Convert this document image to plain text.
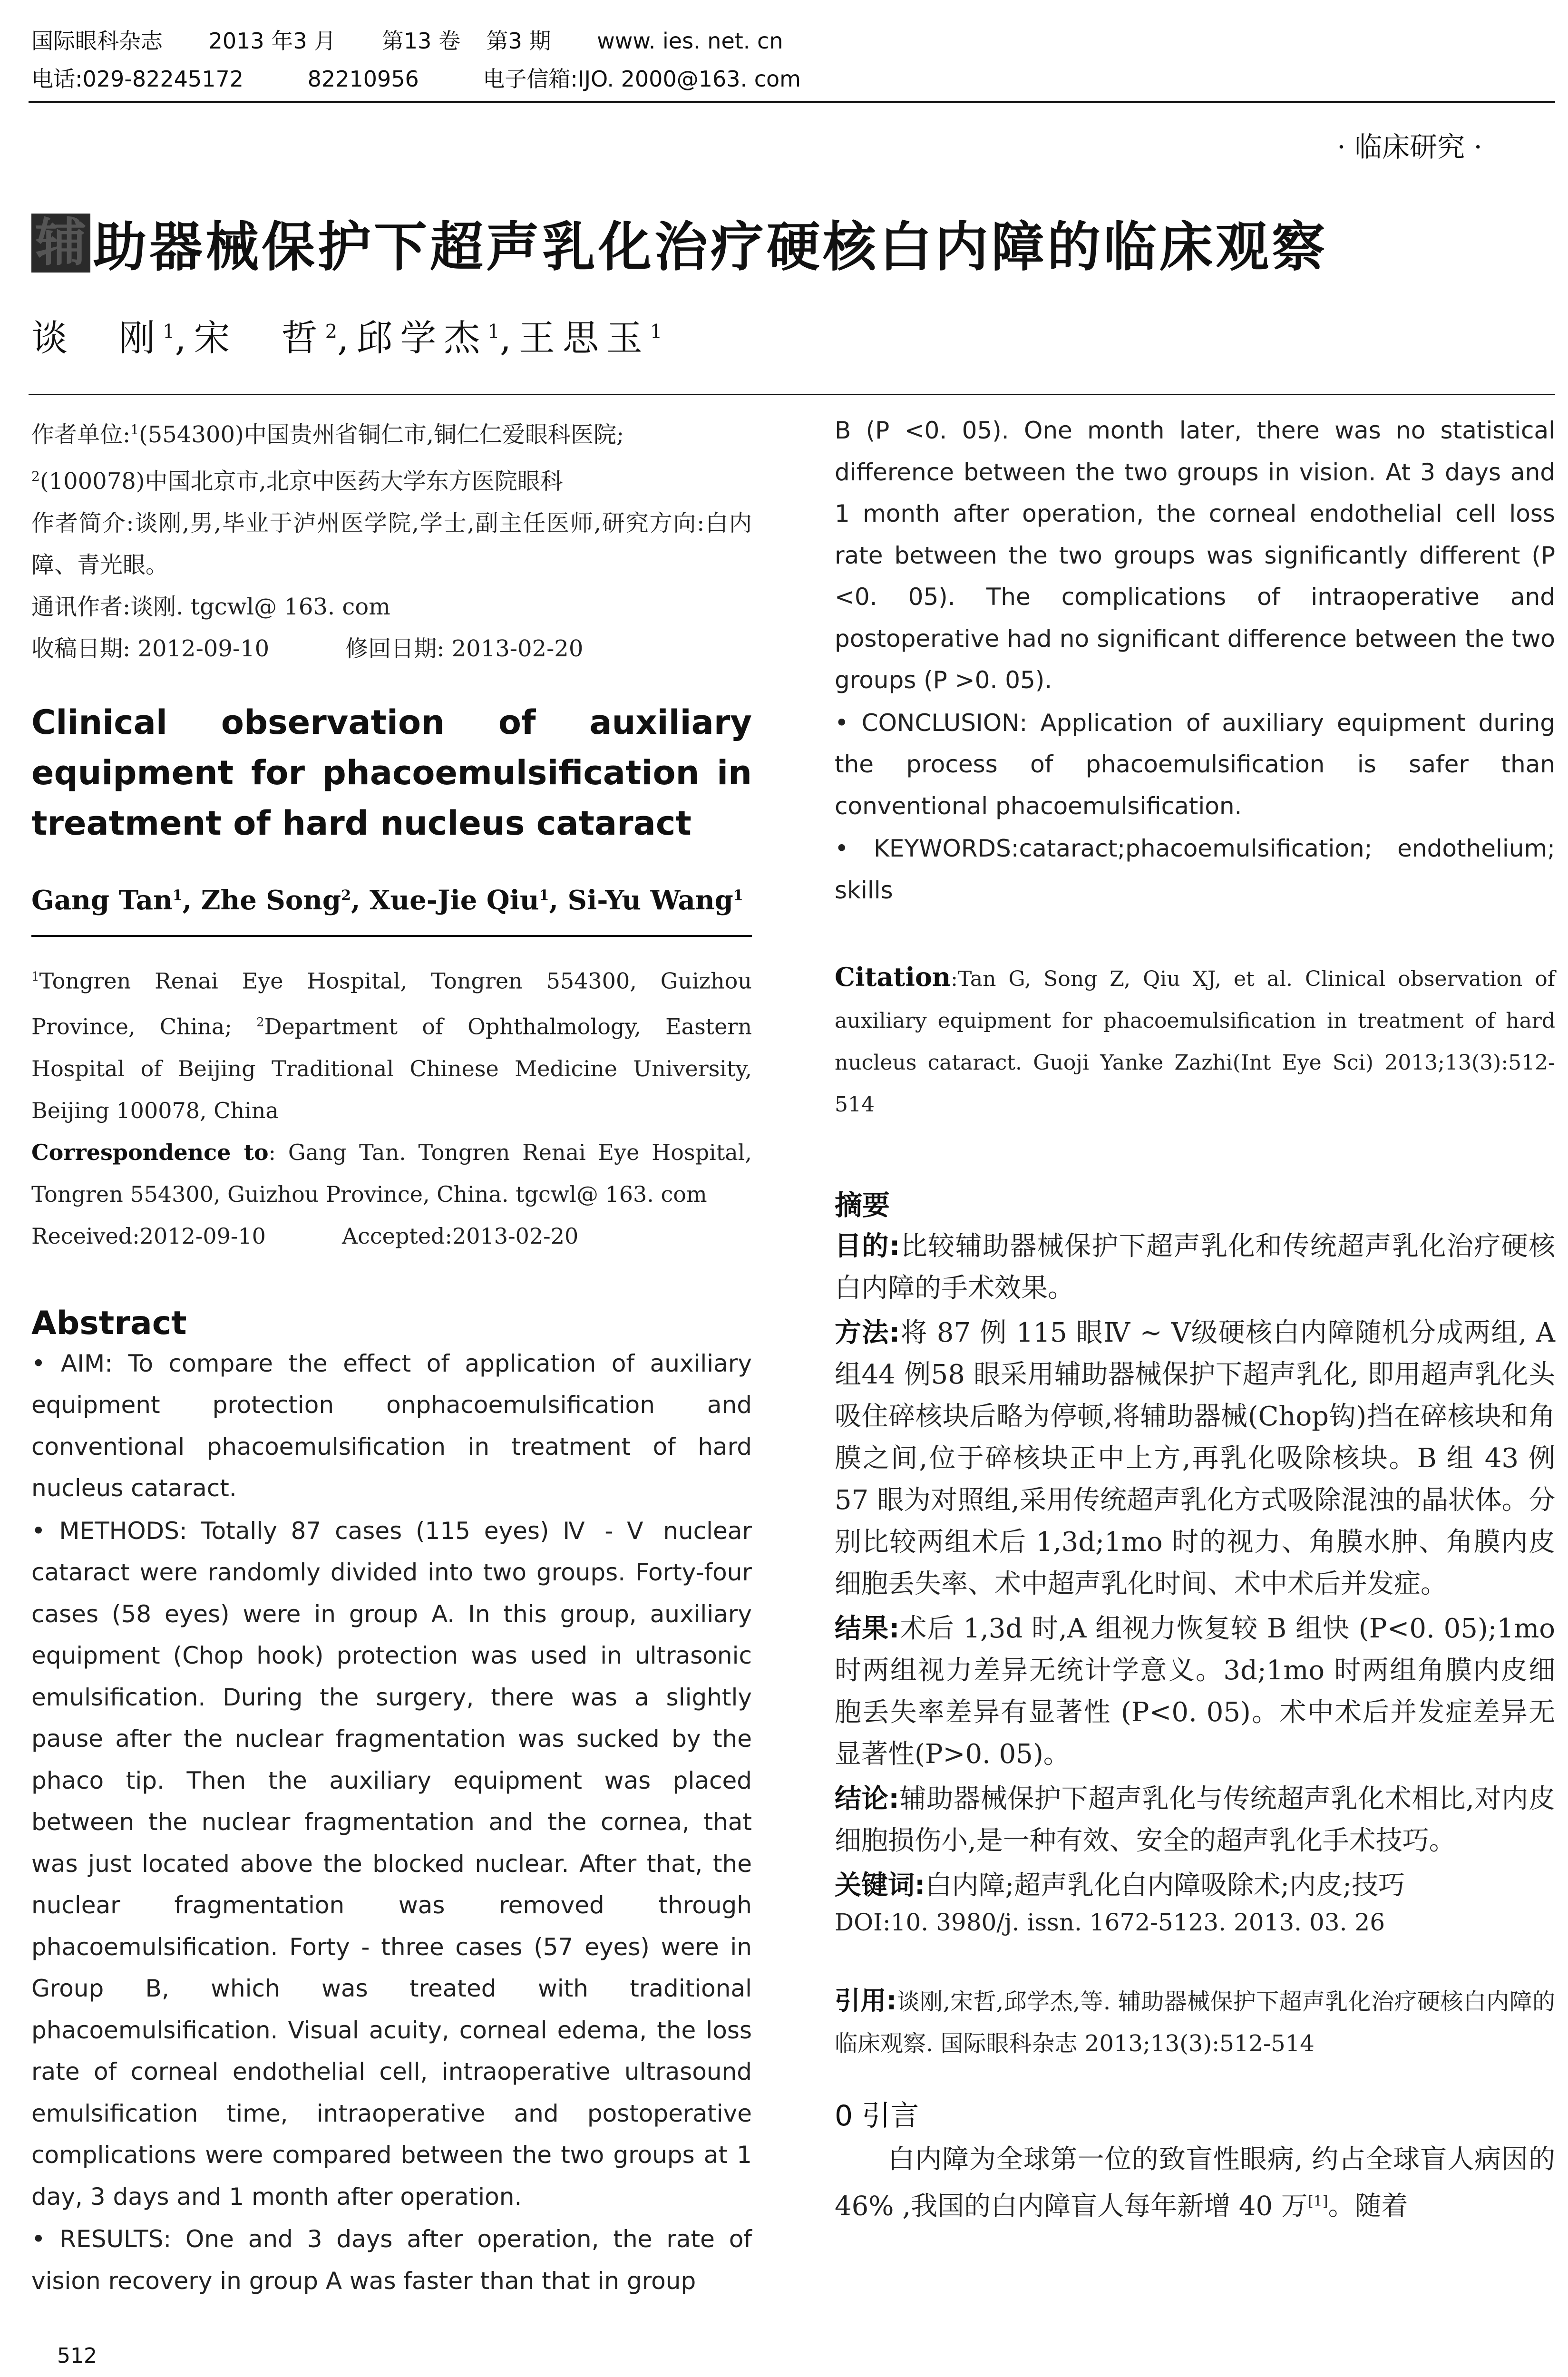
国际眼科杂志 2013 年3 月 第13 卷 第3 期 www. ies. net. cn
电话:029-82245172	82210956	电子信箱:IJO. 2000@163. com
· 临床研究 ·
辅 助器械保护下超声乳化治疗硬核白内障的临床观察
谈　刚$^1$,宋　哲$^2$,邱学杰$^1$,王思玉$^1$
作者单位:$^1$(554300)中国贵州省铜仁市,铜仁仁爱眼科医院;
$^2$(100078)中国北京市,北京中医药大学东方医院眼科
作者简介:谈刚,男,毕业于泸州医学院,学士,副主任医师,研究方向:白内障、青光眼。
通讯作者:谈刚. tgcwl@ 163. com
收稿日期: 2012-09-10	修回日期: 2013-02-20
Clinical observation of auxiliary
equipment for phacoemulsification in
treatment of hard nucleus cataract
Gang Tan$^1$, Zhe Song$^2$, Xue-Jie Qiu$^1$, Si-Yu Wang$^1$
$^1$Tongren Renai Eye Hospital, Tongren 554300, Guizhou Province, China; $^2$Department of Ophthalmology, Eastern Hospital of Beijing Traditional Chinese Medicine University, Beijing 100078, China
Correspondence to: Gang Tan. Tongren Renai Eye Hospital, Tongren 554300, Guizhou Province, China. tgcwl@ 163. com
Received:2012-09-10	Accepted:2013-02-20
Abstract
• AIM: To compare the effect of application of auxiliary equipment protection onphacoemulsification and conventional phacoemulsification in treatment of hard nucleus cataract.
• METHODS: Totally 87 cases (115 eyes) Ⅳ - Ⅴ nuclear cataract were randomly divided into two groups. Forty-four cases (58 eyes) were in group A. In this group, auxiliary equipment (Chop hook) protection was used in ultrasonic emulsification. During the surgery, there was a slightly pause after the nuclear fragmentation was sucked by the phaco tip. Then the auxiliary equipment was placed between the nuclear fragmentation and the cornea, that was just located above the blocked nuclear. After that, the nuclear fragmentation was removed through phacoemulsification. Forty - three cases (57 eyes) were in Group B, which was treated with traditional phacoemulsification. Visual acuity, corneal edema, the loss rate of corneal endothelial cell, intraoperative ultrasound emulsification time, intraoperative and postoperative complications were compared between the two groups at 1 day, 3 days and 1 month after operation.
• RESULTS: One and 3 days after operation, the rate of vision recovery in group A was faster than that in group
B (P <0. 05). One month later, there was no statistical difference between the two groups in vision. At 3 days and 1 month after operation, the corneal endothelial cell loss rate between the two groups was significantly different (P <0. 05). The complications of intraoperative and postoperative had no significant difference between the two groups (P >0. 05).
• CONCLUSION: Application of auxiliary equipment during the process of phacoemulsification is safer than conventional phacoemulsification.
• KEYWORDS:cataract;phacoemulsification; endothelium; skills
Citation:Tan G, Song Z, Qiu XJ, et al. Clinical observation of auxiliary equipment for phacoemulsification in treatment of hard nucleus cataract. Guoji Yanke Zazhi(Int Eye Sci) 2013;13(3):512-514
摘要
目的:比较辅助器械保护下超声乳化和传统超声乳化治疗硬核白内障的手术效果。
方法:将 87 例 115 眼Ⅳ ~ Ⅴ级硬核白内障随机分成两组, A 组44 例58 眼采用辅助器械保护下超声乳化, 即用超声乳化头吸住碎核块后略为停顿,将辅助器械(Chop钩)挡在碎核块和角膜之间,位于碎核块正中上方,再乳化吸除核块。B 组 43 例 57 眼为对照组,采用传统超声乳化方式吸除混浊的晶状体。分别比较两组术后 1,3d;1mo 时的视力、角膜水肿、角膜内皮细胞丢失率、术中超声乳化时间、术中术后并发症。
结果:术后 1,3d 时,A 组视力恢复较 B 组快 (P<0. 05);1mo 时两组视力差异无统计学意义。3d;1mo 时两组角膜内皮细胞丢失率差异有显著性 (P<0. 05)。术中术后并发症差异无显著性(P>0. 05)。
结论:辅助器械保护下超声乳化与传统超声乳化术相比,对内皮细胞损伤小,是一种有效、安全的超声乳化手术技巧。
关键词:白内障;超声乳化白内障吸除术;内皮;技巧
DOI:10. 3980/j. issn. 1672-5123. 2013. 03. 26
引用:谈刚,宋哲,邱学杰,等. 辅助器械保护下超声乳化治疗硬核白内障的临床观察. 国际眼科杂志 2013;13(3):512-514
0 引言
白内障为全球第一位的致盲性眼病, 约占全球盲人病因的 46% ,我国的白内障盲人每年新增 40 万[1]。随着
512
